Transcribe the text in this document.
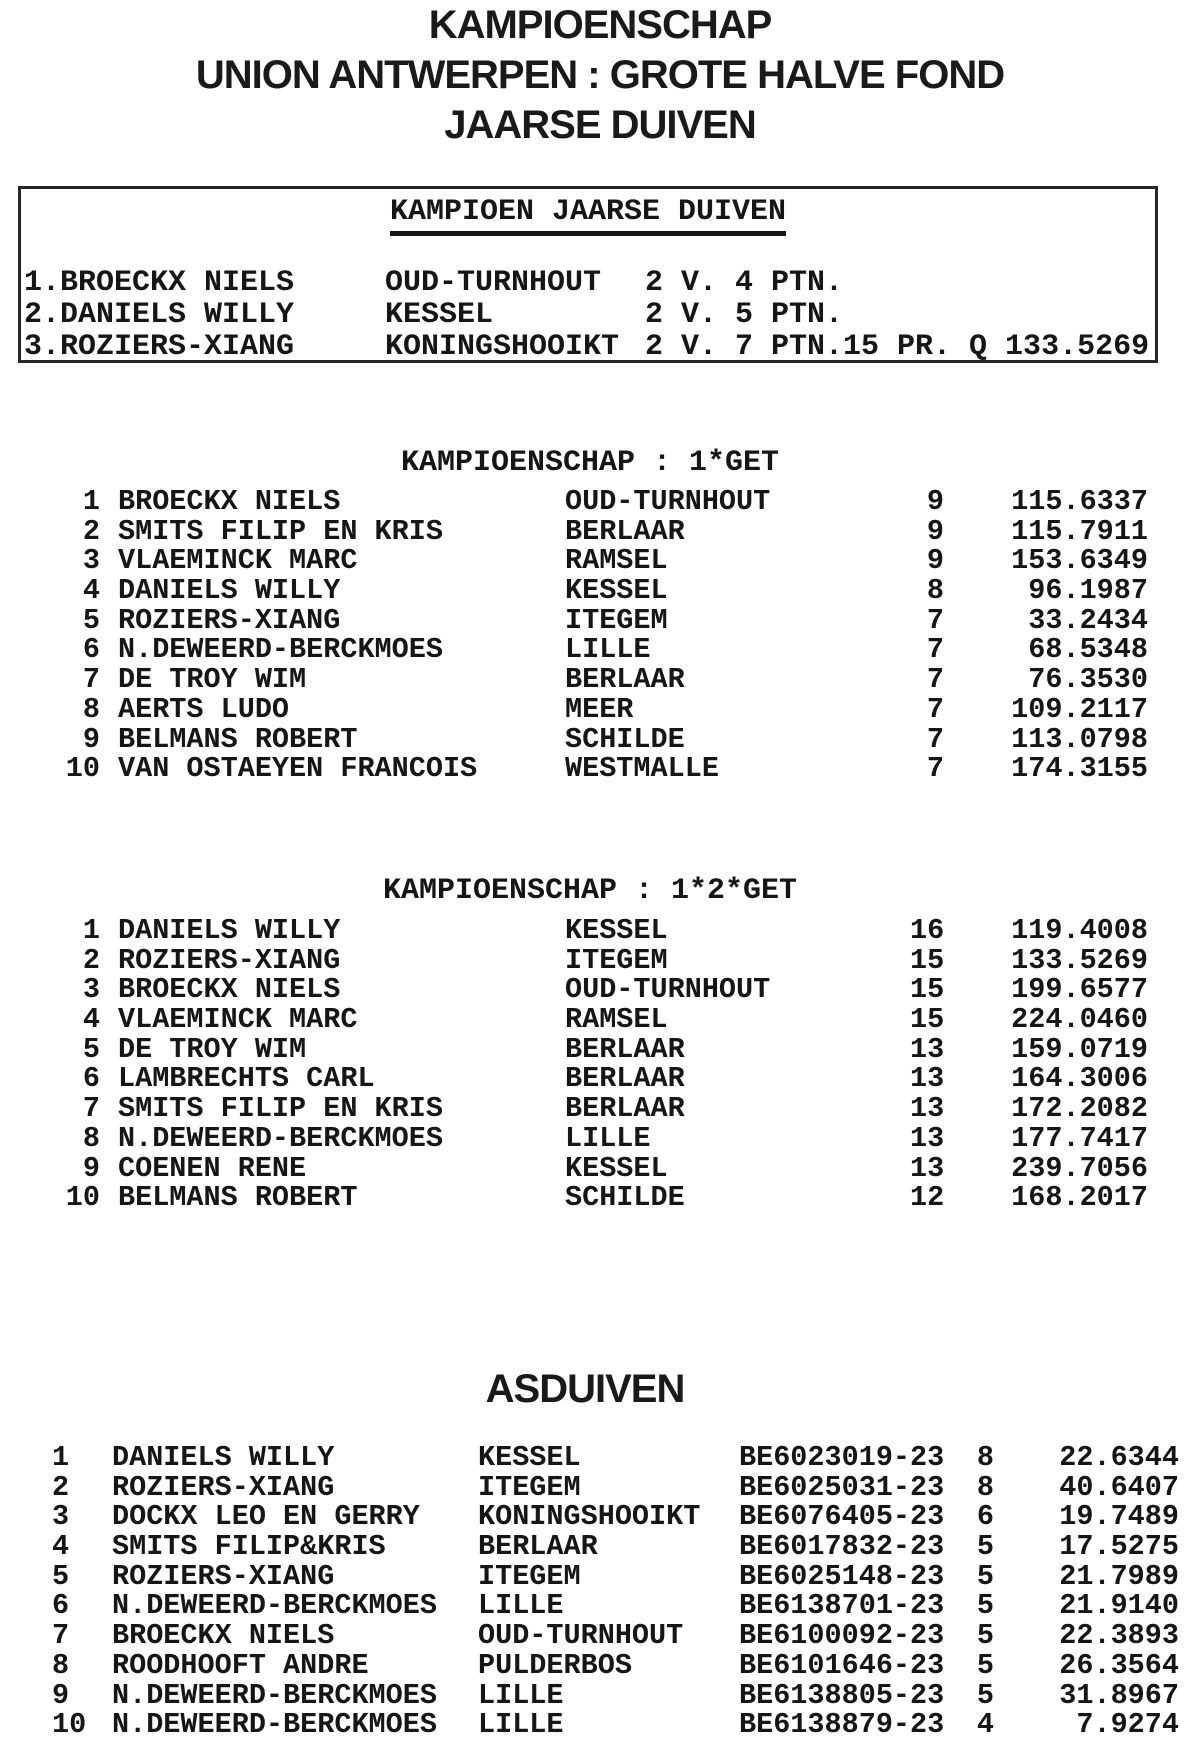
KAMPIOENSCHAP
UNION ANTWERPEN : GROTE HALVE FOND
JAARSE DUIVEN
KAMPIOEN JAARSE DUIVEN
1.BROECKX NIELS	OUD-TURNHOUT	2 V. 4 PTN.
2.DANIELS WILLY	KESSEL	2 V. 5 PTN.
3.ROZIERS-XIANG	KONINGSHOOIKT 2 V. 7 PTN.15 PR. Q 133.5269
KAMPIOENSCHAP : 1*GET
1 BROECKX NIELS	OUD-TURNHOUT	9	115.6337
2 SMITS FILIP EN KRIS	BERLAAR	9	115.7911
3 VLAEMINCK MARC	RAMSEL	9	153.6349
4 DANIELS WILLY	KESSEL	8	96.1987
5 ROZIERS-XIANG	ITEGEM	7	33.2434
6 N.DEWEERD-BERCKMOES	LILLE	7	68.5348
7 DE TROY WIM	BERLAAR	7	76.3530
8 AERTS LUDO	MEER	7	109.2117
9 BELMANS ROBERT	SCHILDE	7	113.0798
10 VAN OSTAEYEN FRANCOIS	WESTMALLE	7	174.3155
KAMPIOENSCHAP : 1*2*GET
1 DANIELS WILLY	KESSEL	16	119.4008
2 ROZIERS-XIANG	ITEGEM	15	133.5269
3 BROECKX NIELS	OUD-TURNHOUT	15	199.6577
4 VLAEMINCK MARC	RAMSEL	15	224.0460
5 DE TROY WIM	BERLAAR	13	159.0719
6 LAMBRECHTS CARL	BERLAAR	13	164.3006
7 SMITS FILIP EN KRIS	BERLAAR	13	172.2082
8 N.DEWEERD-BERCKMOES	LILLE	13	177.7417
9 COENEN RENE	KESSEL	13	239.7056
10 BELMANS ROBERT	SCHILDE	12	168.2017
ASDUIVEN
1	DANIELS WILLY	KESSEL	BE6023019-23	8	22.6344
2	ROZIERS-XIANG	ITEGEM	BE6025031-23	8	40.6407
3	DOCKX LEO EN GERRY	KONINGSHOOIKT	BE6076405-23	6	19.7489
4	SMITS FILIP&KRIS	BERLAAR	BE6017832-23	5	17.5275
5	ROZIERS-XIANG	ITEGEM	BE6025148-23	5	21.7989
6	N.DEWEERD-BERCKMOES	LILLE	BE6138701-23	5	21.9140
7	BROECKX NIELS	OUD-TURNHOUT	BE6100092-23	5	22.3893
8	ROODHOOFT ANDRE	PULDERBOS	BE6101646-23	5	26.3564
9	N.DEWEERD-BERCKMOES	LILLE	BE6138805-23	5	31.8967
10 N.DEWEERD-BERCKMOES	LILLE	BE6138879-23	4	7.9274
